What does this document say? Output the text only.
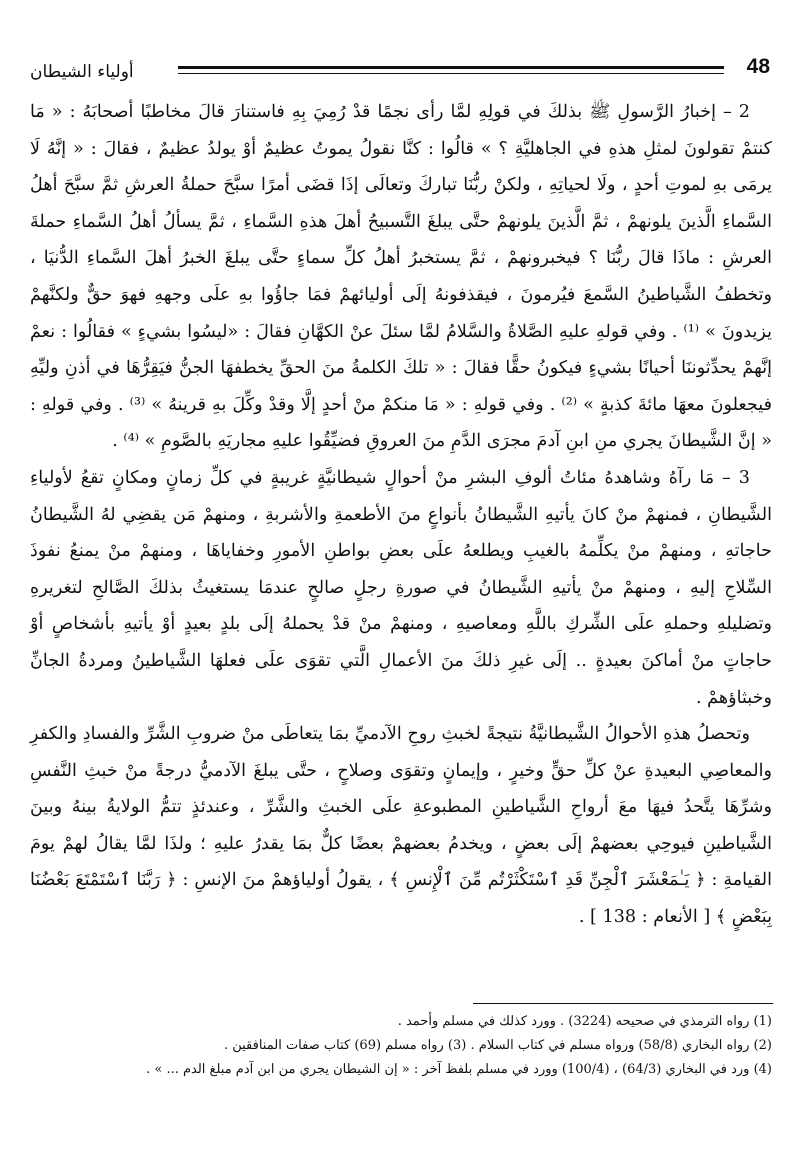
48
أولياء الشيطان

2 – إخبارُ الرَّسولِ ﷺ بذلكَ في قولِهِ لمَّا رأى نجمًا قدْ رُمِيَ بِهِ فاستنارَ قالَ مخاطبًا أصحابَهُ : « مَا كنتمْ تقولونَ لمثلِ هذهِ في الجاهليَّةِ ؟ » قالُوا : كنَّا نقولُ يموتُ عظيمٌ أوْ يولدُ عظيمٌ ، فقالَ : « إنَّهُ لَا يرمَى بهِ لموتِ أحدٍ ، ولَا لحياتِهِ ، ولكنْ ربُّنَا تباركَ وتعالَى إذَا قضَى أمرًا سبَّحَ حملةُ العرشِ ثمَّ سبَّحَ أهلُ السَّماءِ الَّذينَ يلونهمْ ، ثمَّ الَّذينَ يلونهمْ حتَّى يبلغَ التَّسبيحُ أهلَ هذهِ السَّماءِ ، ثمَّ يسألُ أهلُ السَّماءِ حملةَ العرشِ : ماذَا قالَ ربُّنَا ؟ فيخبرونهمْ ، ثمَّ يستخبرُ أهلُ كلِّ سماءٍ حتَّى يبلغَ الخبرُ أهلَ السَّماءِ الدُّنيَا ، وتخطفُ الشَّياطينُ السَّمعَ فيُرمونَ ، فيقذفونهُ إلَى أوليائهمْ فمَا جاؤُوا بهِ علَى وجههِ فهوَ حقٌّ ولكنَّهمْ يزيدونَ » ⁽¹⁾ . وفي قولهِ عليهِ الصَّلاةُ والسَّلامُ لمَّا سئلَ عنْ الكهَّانِ فقالَ : «ليسُوا بشيءٍ » فقالُوا : نعمْ إنَّهمْ يحدِّثوننَا أحيانًا بشيءٍ فيكونُ حقًّا فقالَ : « تلكَ الكلمةُ منَ الحقِّ يخطفهَا الجنُّ فيَقِرُّهَا في أذنِ وليِّهِ فيجعلونَ معهَا مائةَ كذبةٍ » ⁽²⁾ . وفي قولهِ : « مَا منكمْ منْ أحدٍ إلَّا وقدْ وكِّلَ بهِ قرينهُ » ⁽³⁾ . وفي قولهِ : « إنَّ الشَّيطانَ يجري منِ ابنِ آدمَ مجرَى الدَّمِ منَ العروقِ فضيِّقُوا عليهِ مجاريَهِ بالصَّومِ » ⁽⁴⁾ .

3 – مَا رآهُ وشاهدهُ مئاتُ ألوفِ البشرِ منْ أحوالٍ شيطانيَّةٍ غريبةٍ في كلِّ زمانٍ ومكانٍ تقعُ لأولياءِ الشَّيطانِ ، فمنهمْ منْ كانَ يأتيهِ الشَّيطانُ بأنواعٍ منَ الأطعمةِ والأشربةِ ، ومنهمْ مَن يقضِي لهُ الشَّيطانُ حاجاتهِ ، ومنهمْ منْ يكلِّمهُ بالغيبِ ويطلعهُ علَى بعضِ بواطنِ الأمورِ وخفاياهَا ، ومنهمْ منْ يمنعُ نفوذَ السِّلاحِ إليهِ ، ومنهمْ منْ يأتيهِ الشَّيطانُ في صورةِ رجلٍ صالحٍ عندمَا يستغيثُ بذلكَ الصَّالحِ لتغريرهِ وتضليلهِ وحملهِ علَى الشِّركِ باللَّهِ ومعاصيهِ ، ومنهمْ منْ قدْ يحملهُ إلَى بلدٍ بعيدٍ أوْ يأتيهِ بأشخاصٍ أوْ حاجاتٍ منْ أماكنَ بعيدةٍ .. إلَى غيرِ ذلكَ منَ الأعمالِ الَّتي تقوَى علَى فعلهَا الشَّياطينُ ومردةُ الجانِّ وخبثاؤهمْ .

وتحصلُ هذهِ الأحوالُ الشَّيطانيَّةُ نتيجةً لخبثِ روحِ الآدميِّ بمَا يتعاطَى منْ ضروبِ الشَّرِّ والفسادِ والكفرِ والمعاصِي البعيدةِ عنْ كلِّ حقٍّ وخيرٍ ، وإيمانٍ وتقوَى وصلاحٍ ، حتَّى يبلغَ الآدميُّ درجةً منْ خبثِ النَّفسِ وشرِّهَا يتَّحدُ فيهَا معَ أرواحِ الشَّياطينِ المطبوعةِ علَى الخبثِ والشَّرِّ ، وعندئذٍ تتمُّ الولايةُ بينهُ وبينَ الشَّياطينِ فيوحِي بعضهمْ إلَى بعضٍ ، ويخدمُ بعضهمْ بعضًا كلٌّ بمَا يقدرُ عليهِ ؛ ولذَا لمَّا يقالُ لهمْ يومَ القيامةِ : ﴿ يَـٰمَعْشَرَ ٱلْجِنِّ قَدِ ٱسْتَكْثَرْتُم مِّنَ ٱلْإِنسِ ﴾ ، يقولُ أولياؤهمْ منَ الإنسِ : ﴿ رَبَّنَا ٱسْتَمْتَعَ بَعْضُنَا بِبَعْضٍ ﴾ [ الأنعام : 138 ] .

(1) رواه الترمذي في صحيحه (3224) . وورد كذلك في مسلم وأحمد .
(2) رواه البخاري (58/8) ورواه مسلم في كتاب السلام . (3) رواه مسلم (69) كتاب صفات المنافقين .
(4) ورد في البخاري (64/3) ، (100/4) وورد في مسلم بلفظ آخر : « إن الشيطان يجري من ابن آدم مبلغ الدم ... » .
